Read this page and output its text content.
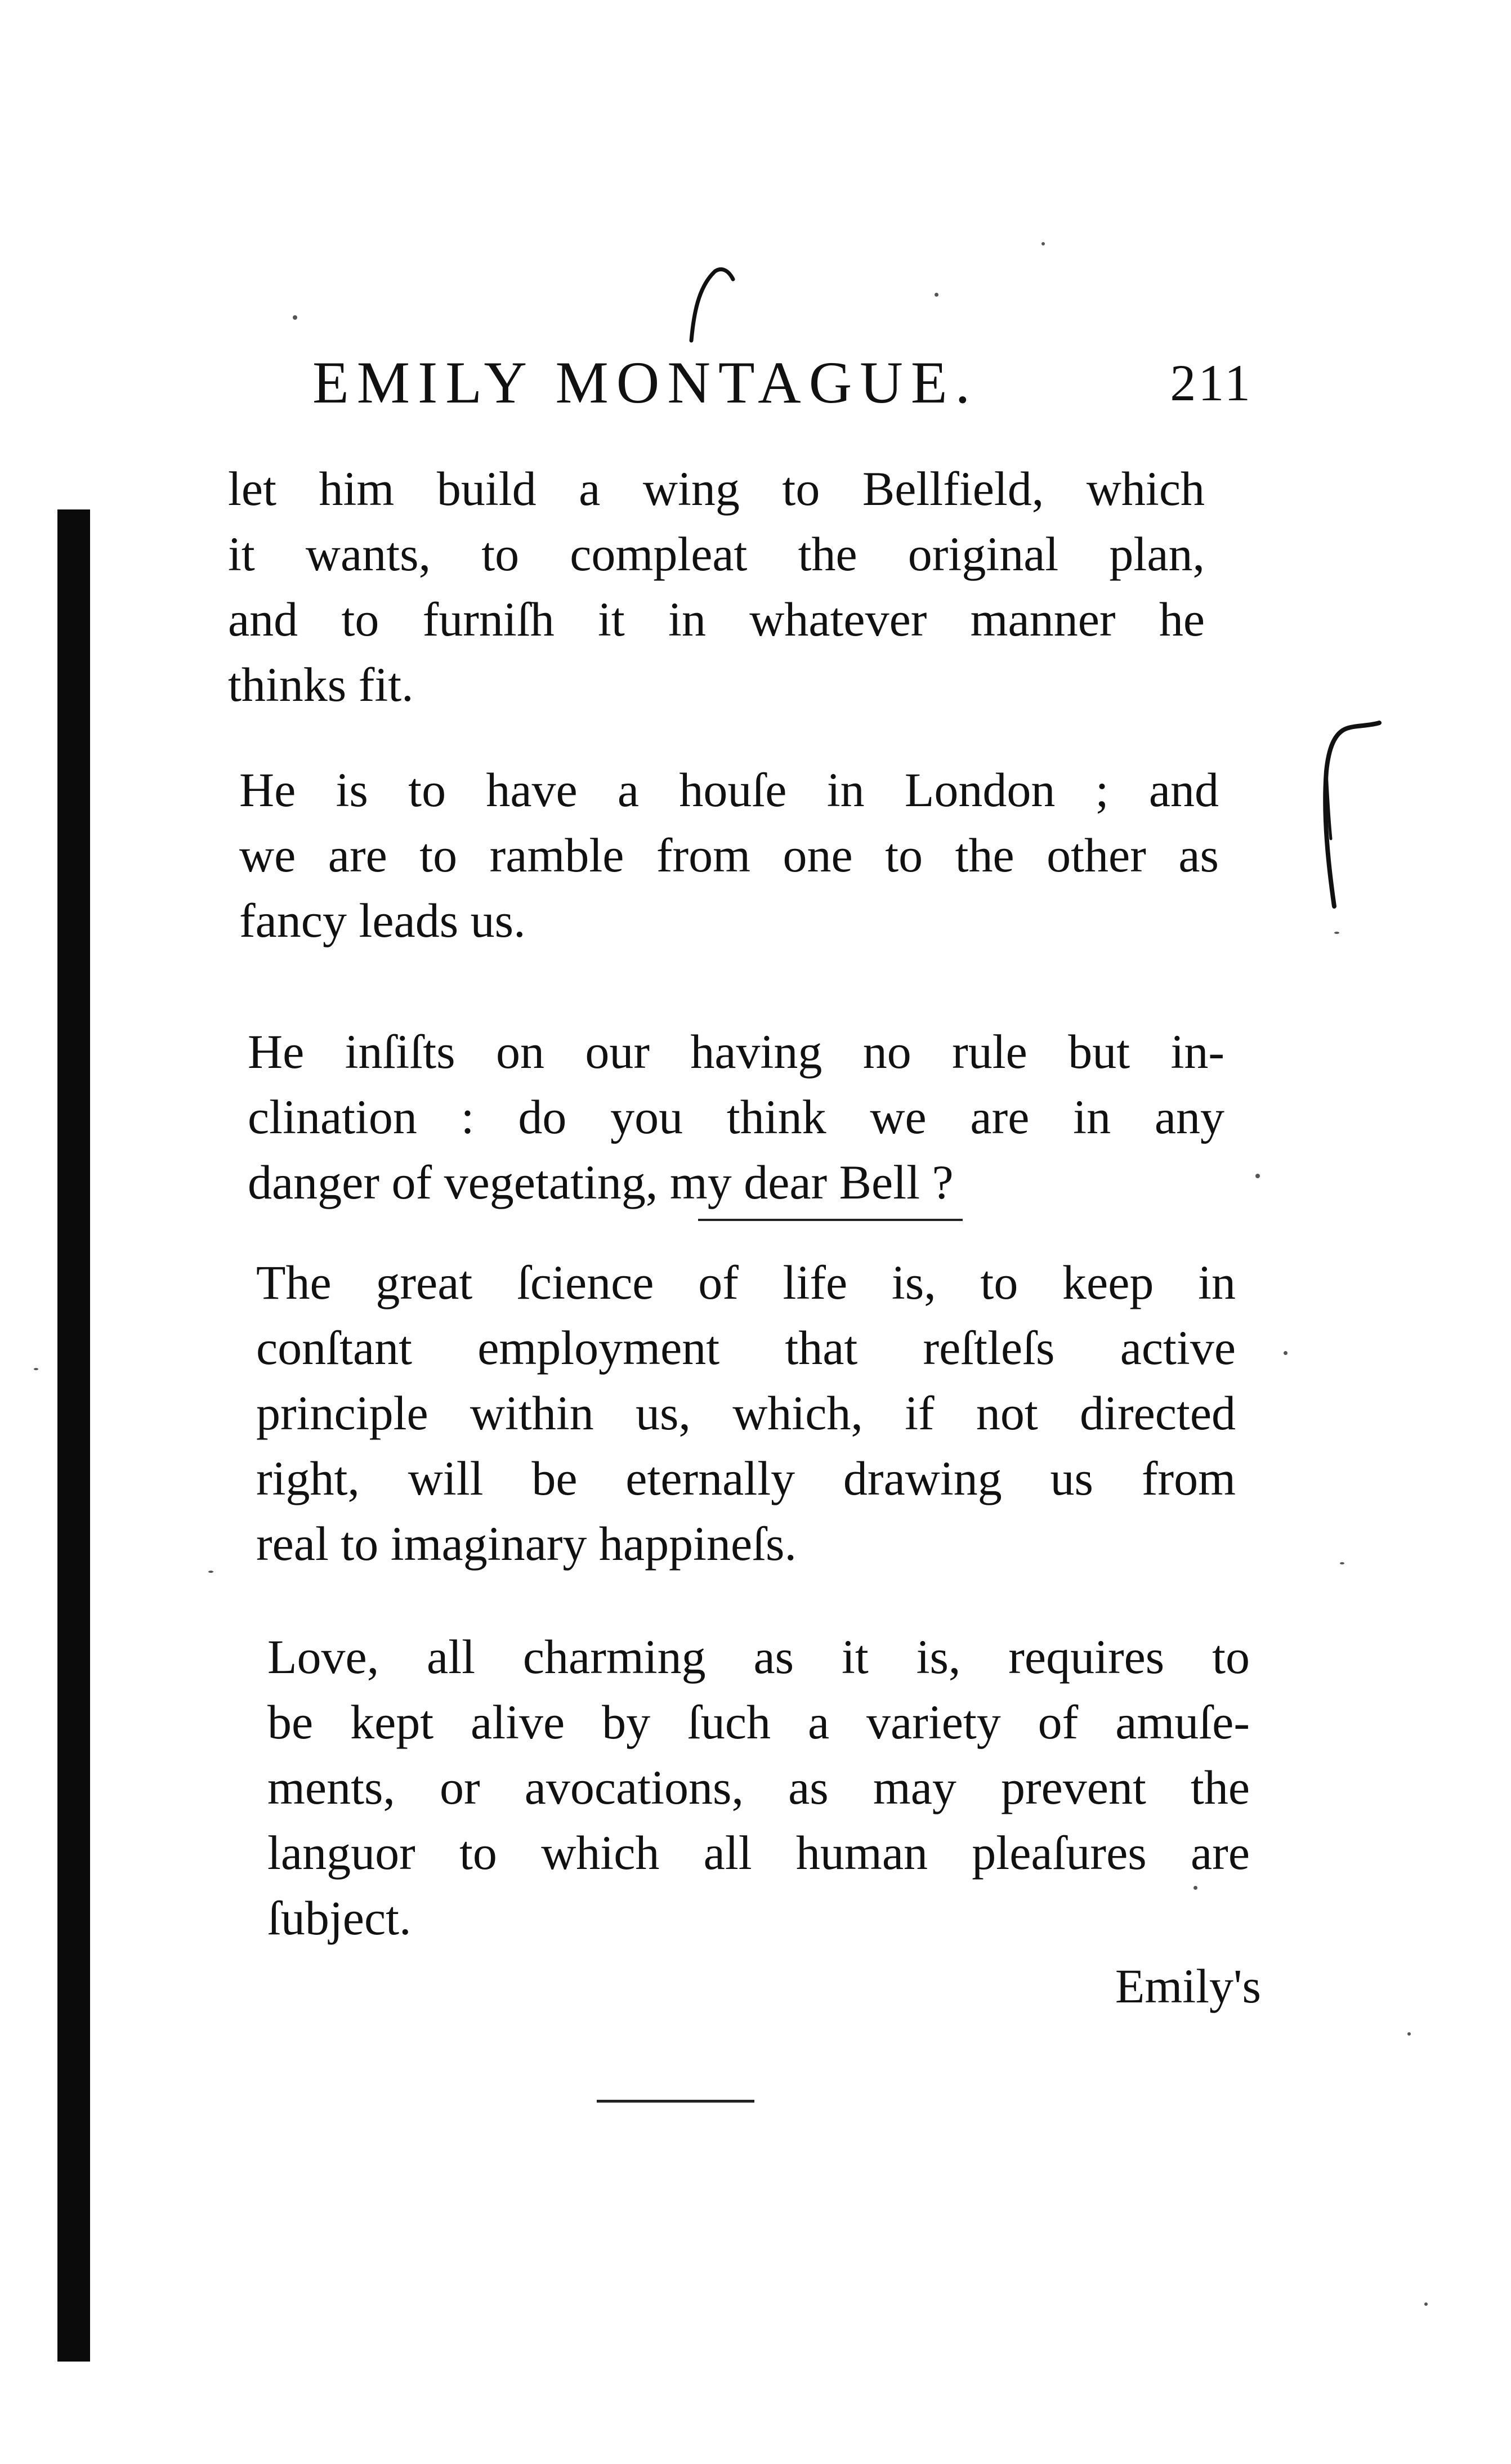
EMILY MONTAGUE.	211
let him build a wing to Bellfield, which
it wants, to compleat the original plan,
and to furniſh it in whatever manner he
thinks fit.
He is to have a houſe in London ; and
we are to ramble from one to the other as
fancy leads us.
He inſiſts on our having no rule but in-
clination : do you think we are in any
danger of vegetating, my dear Bell ?
The great ſcience of life is, to keep in
conſtant employment that reſtleſs active
principle within us, which, if not directed
right, will be eternally drawing us from
real to imaginary happineſs.
Love, all charming as it is, requires to
be kept alive by ſuch a variety of amuſe-
ments, or avocations, as may prevent the
languor to which all human pleaſures are
ſubject.
Emily's
